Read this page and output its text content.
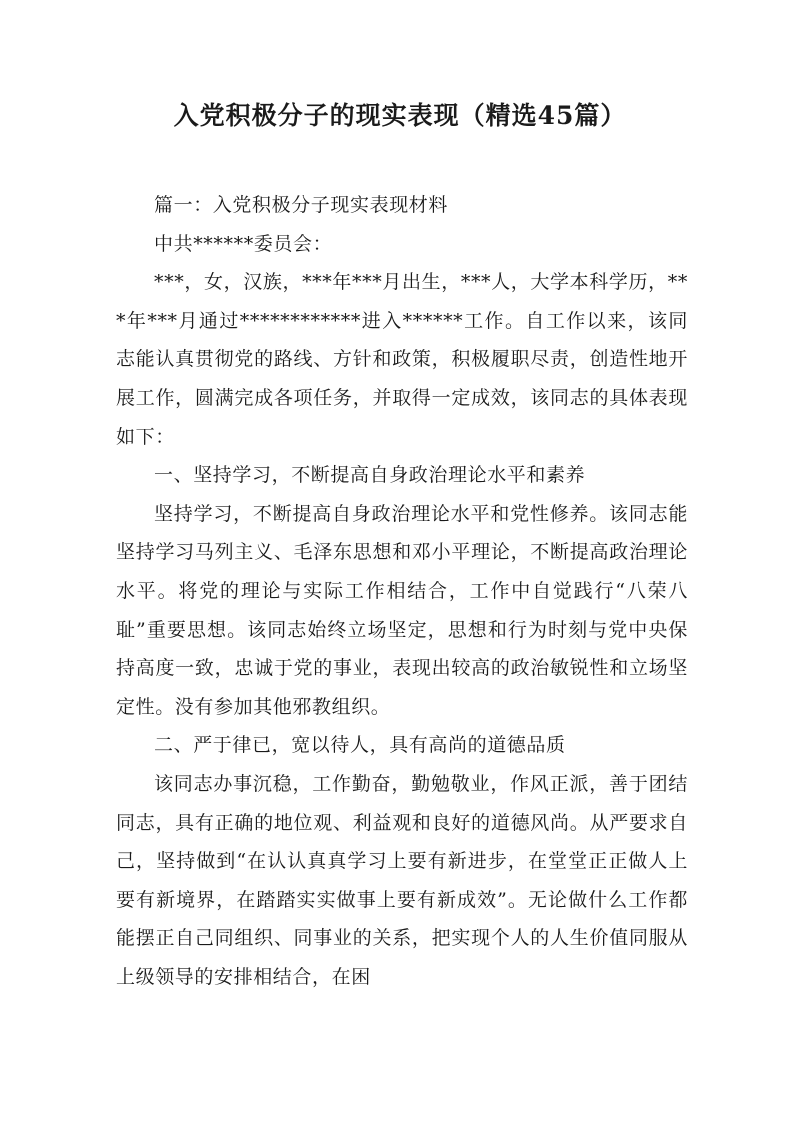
入党积极分子的现实表现（精选45篇）

篇一：入党积极分子现实表现材料

中共******委员会：

***，女，汉族，***年***月出生，***人，大学本科学历，***年***月通过************进入******工作。自工作以来，该同志能认真贯彻党的路线、方针和政策，积极履职尽责，创造性地开展工作，圆满完成各项任务，并取得一定成效，该同志的具体表现如下：

一、坚持学习，不断提高自身政治理论水平和素养

坚持学习，不断提高自身政治理论水平和党性修养。该同志能坚持学习马列主义、毛泽东思想和邓小平理论，不断提高政治理论水平。将党的理论与实际工作相结合，工作中自觉践行“八荣八耻”重要思想。该同志始终立场坚定，思想和行为时刻与党中央保持高度一致，忠诚于党的事业，表现出较高的政治敏锐性和立场坚定性。没有参加其他邪教组织。

二、严于律已，宽以待人，具有高尚的道德品质

该同志办事沉稳，工作勤奋，勤勉敬业，作风正派，善于团结同志，具有正确的地位观、利益观和良好的道德风尚。从严要求自己，坚持做到“在认认真真学习上要有新进步，在堂堂正正做人上要有新境界，在踏踏实实做事上要有新成效”。无论做什么工作都能摆正自己同组织、同事业的关系，把实现个人的人生价值同服从上级领导的安排相结合，在困
